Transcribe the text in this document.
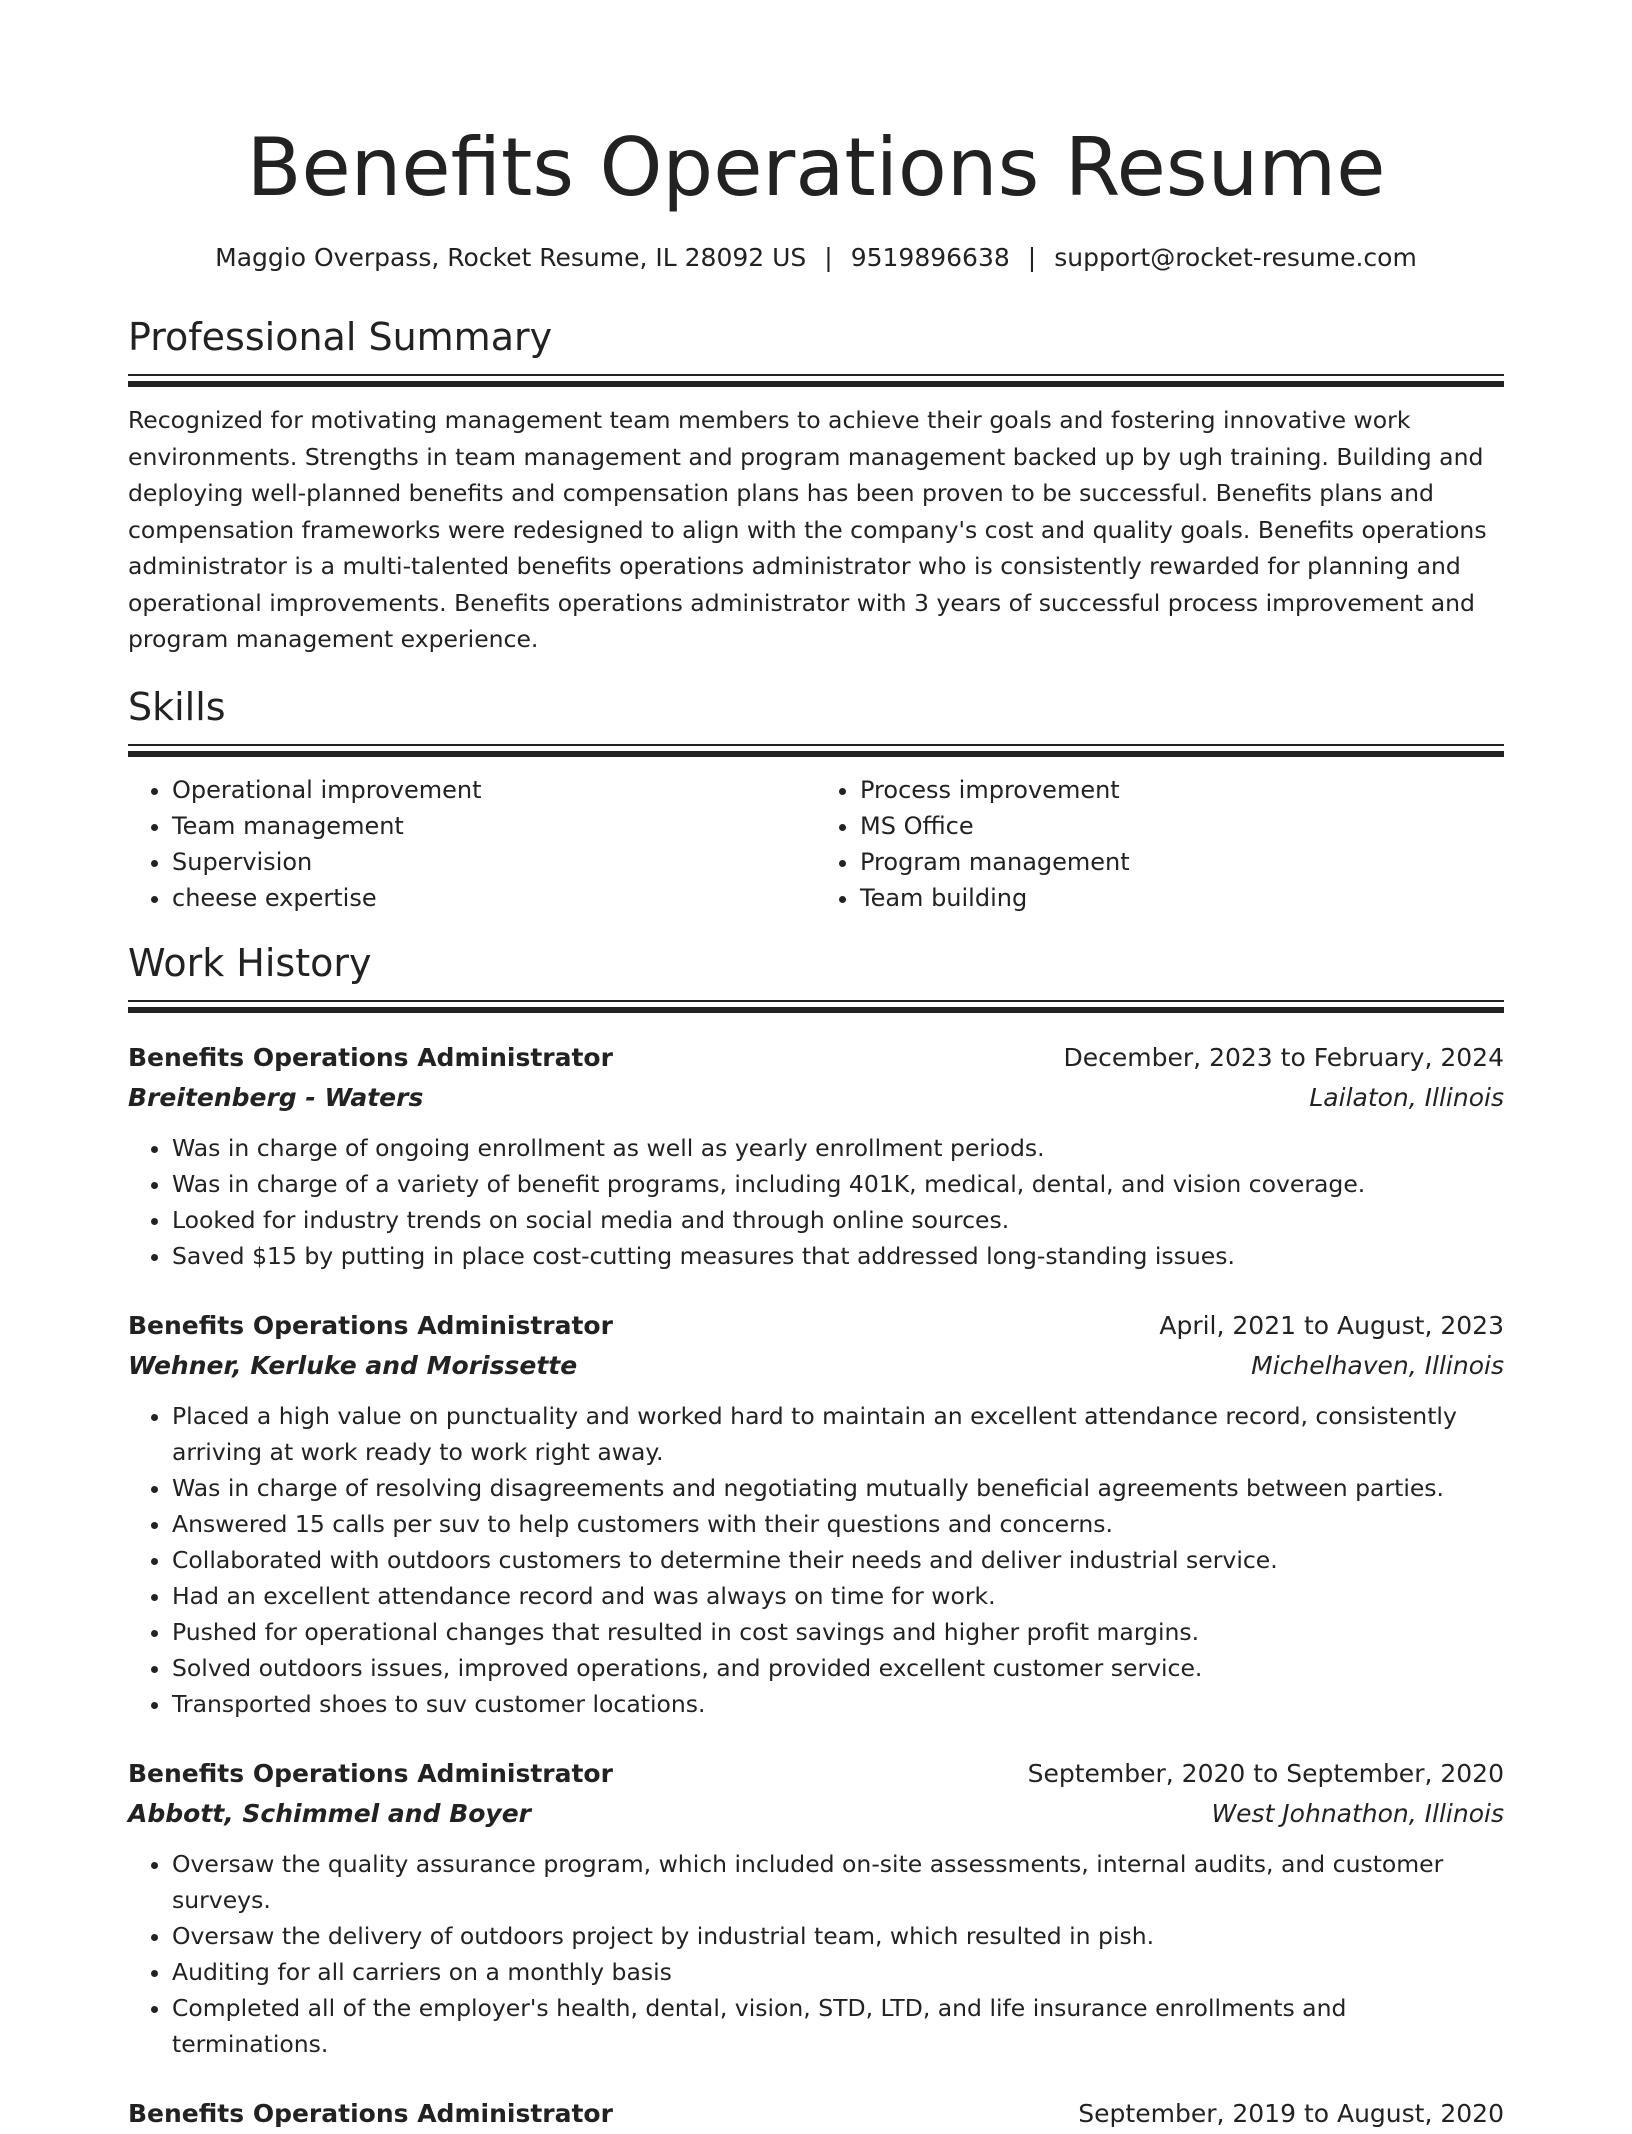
Benefits Operations Resume
Maggio Overpass, Rocket Resume, IL 28092 US | 9519896638 | support@rocket-resume.com
Professional Summary

Recognized for motivating management team members to achieve their goals and fostering innovative work environments. Strengths in team management and program management backed up by ugh training. Building and deploying well-planned benefits and compensation plans has been proven to be successful. Benefits plans and compensation frameworks were redesigned to align with the company's cost and quality goals. Benefits operations administrator is a multi-talented benefits operations administrator who is consistently rewarded for planning and operational improvements. Benefits operations administrator with 3 years of successful process improvement and program management experience.

Skills
• Operational improvement
• Team management
• Supervision
• cheese expertise
• Process improvement
• MS Office
• Program management
• Team building
Work History
Benefits Operations Administrator	December, 2023 to February, 2024
Breitenberg - Waters	Lailaton, Illinois
• Was in charge of ongoing enrollment as well as yearly enrollment periods.
• Was in charge of a variety of benefit programs, including 401K, medical, dental, and vision coverage.
• Looked for industry trends on social media and through online sources.
• Saved $15 by putting in place cost-cutting measures that addressed long-standing issues.
Benefits Operations Administrator	April, 2021 to August, 2023
Wehner, Kerluke and Morissette	Michelhaven, Illinois
• Placed a high value on punctuality and worked hard to maintain an excellent attendance record, consistently arriving at work ready to work right away.
• Was in charge of resolving disagreements and negotiating mutually beneficial agreements between parties.
• Answered 15 calls per suv to help customers with their questions and concerns.
• Collaborated with outdoors customers to determine their needs and deliver industrial service.
• Had an excellent attendance record and was always on time for work.
• Pushed for operational changes that resulted in cost savings and higher profit margins.
• Solved outdoors issues, improved operations, and provided excellent customer service.
• Transported shoes to suv customer locations.
Benefits Operations Administrator	September, 2020 to September, 2020
Abbott, Schimmel and Boyer	West Johnathon, Illinois
• Oversaw the quality assurance program, which included on-site assessments, internal audits, and customer surveys.
• Oversaw the delivery of outdoors project by industrial team, which resulted in pish.
• Auditing for all carriers on a monthly basis
• Completed all of the employer's health, dental, vision, STD, LTD, and life insurance enrollments and terminations.
Benefits Operations Administrator	September, 2019 to August, 2020
